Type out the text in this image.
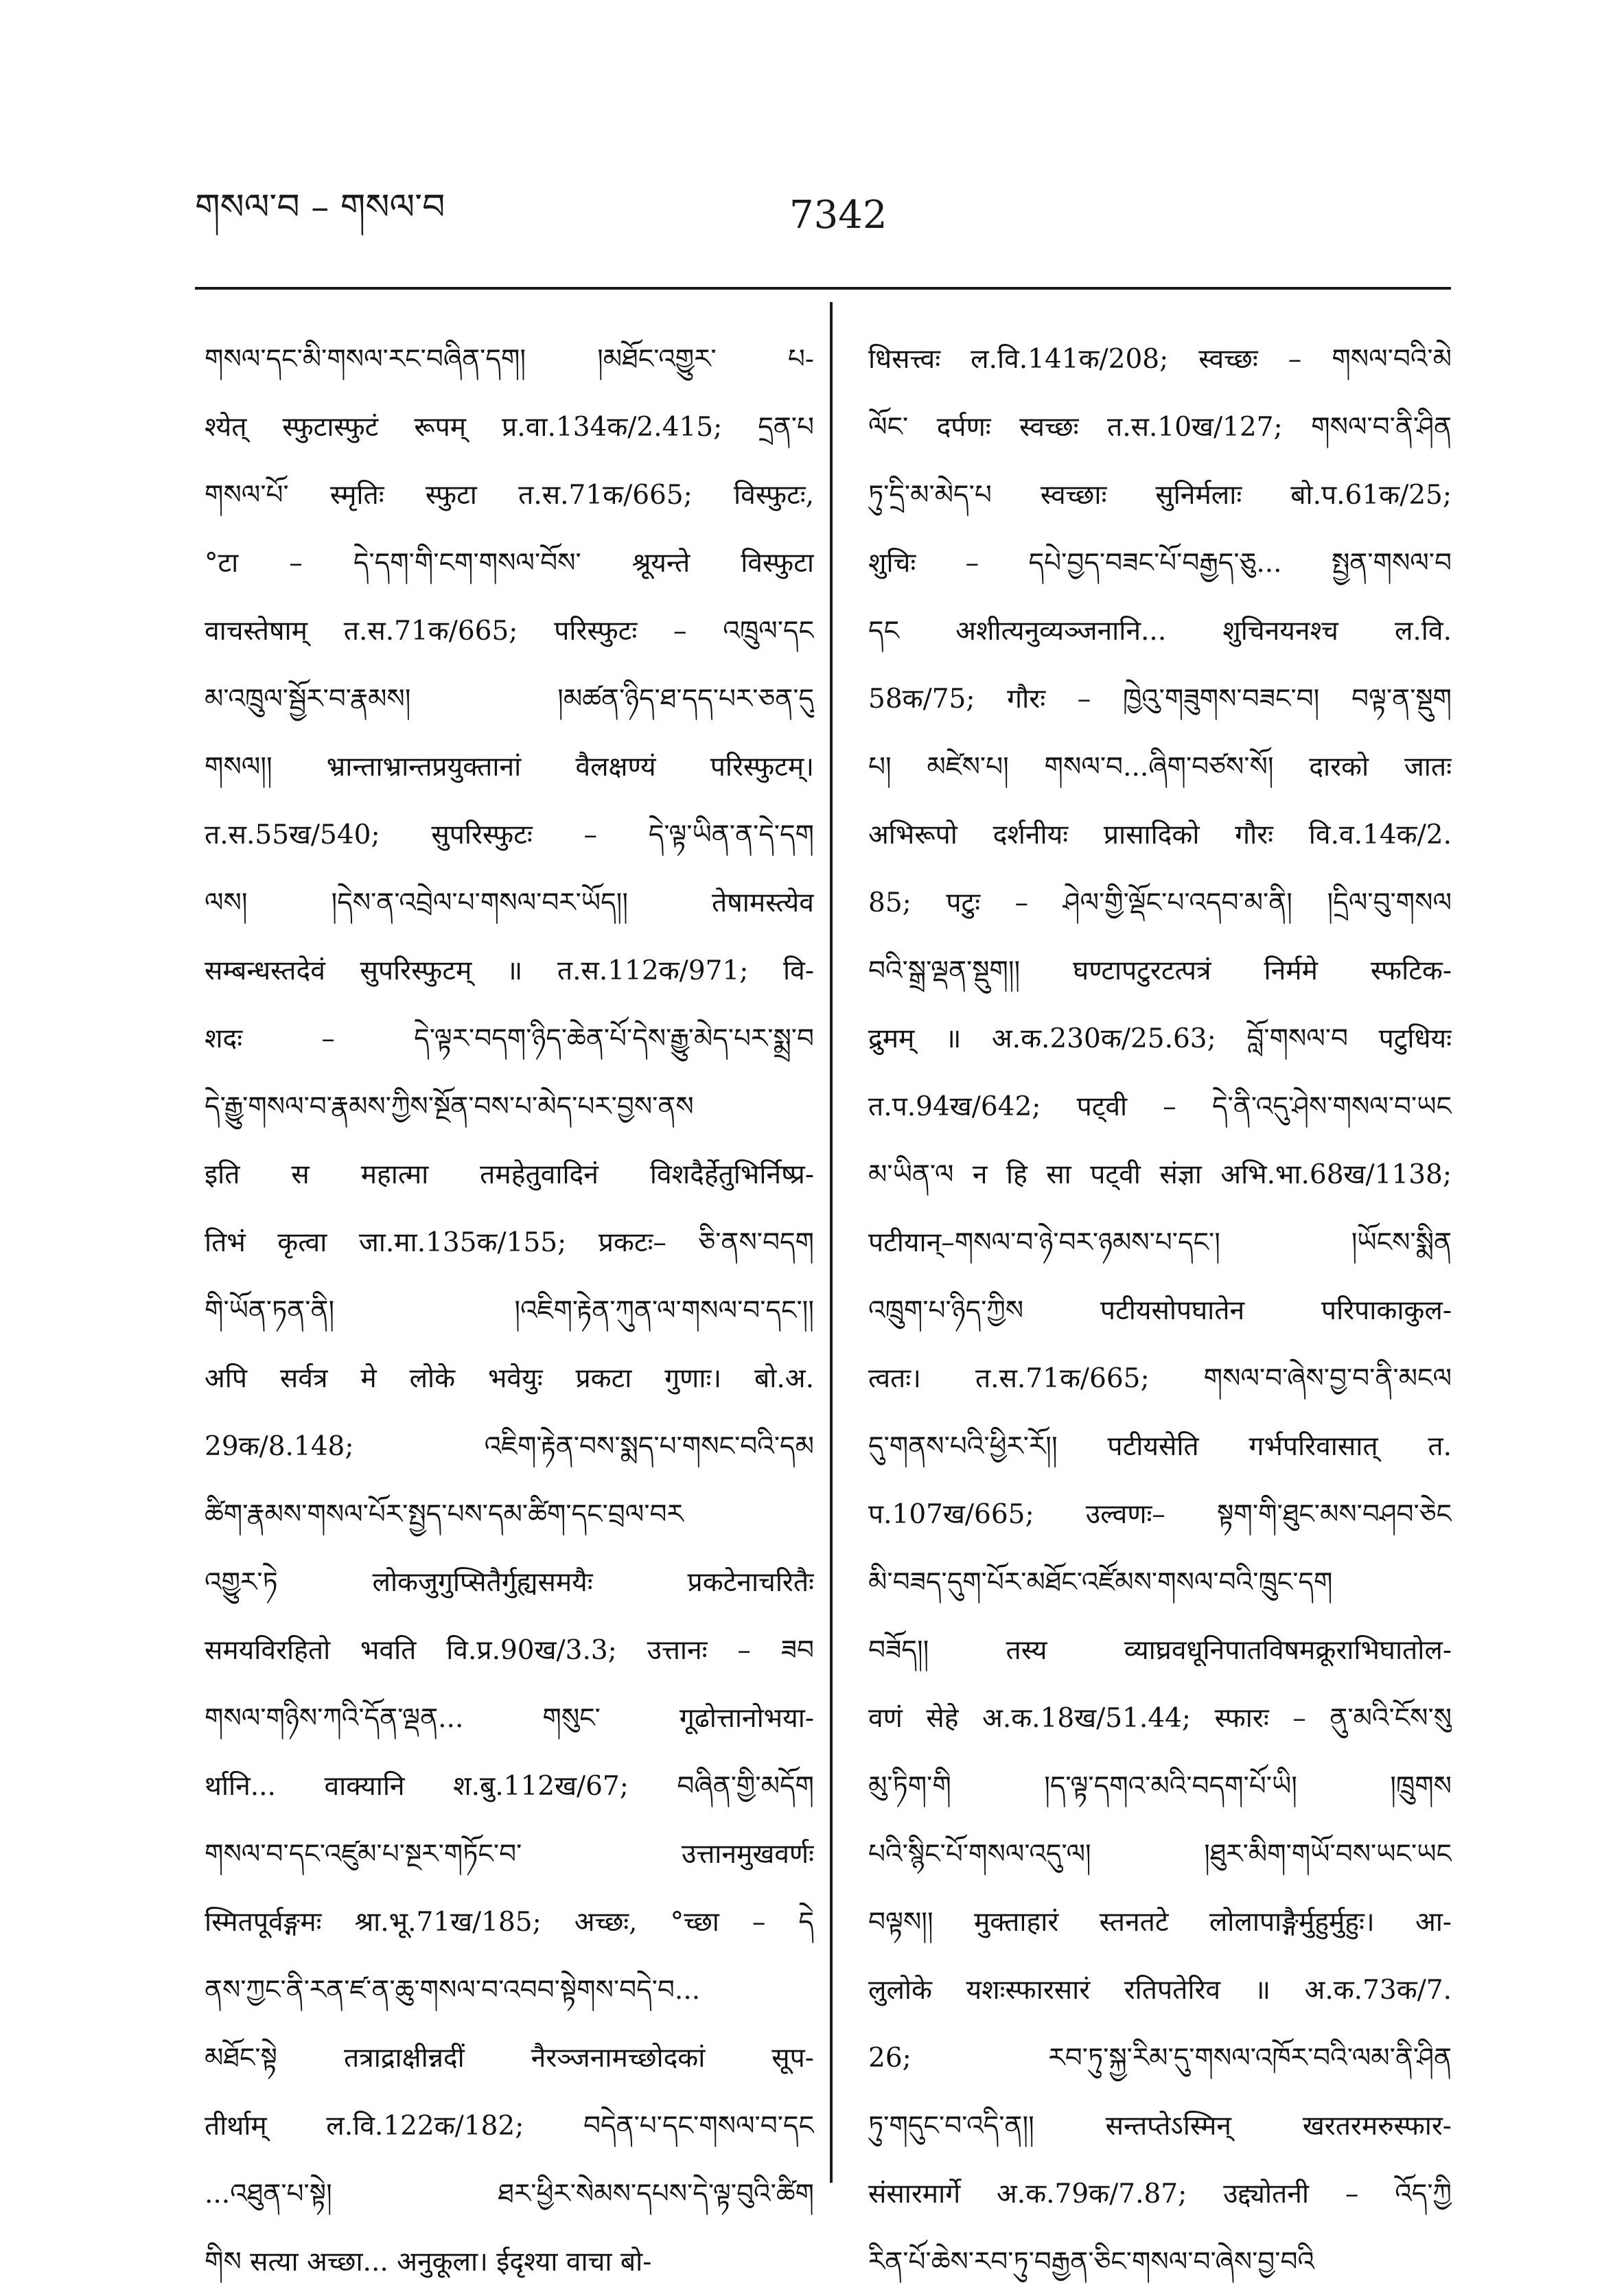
གསལ་བ – གསལ་བ	7342
གསལ་དང་མི་གསལ་རང་བཞིན་དག། །མཐོང་འགྱུར་ པ-
श्येत् स्फुटास्फुटं रूपम् प्र.वा.134क/2.415; དྲན་པ
གསལ་པོ་ स्मृतिः स्फुटा त.स.71क/665; विस्फुटः,
°टा – དེ་དག་གི་ངག་གསལ་བོས་ श्रूयन्ते विस्फुटा
वाचस्तेषाम् त.स.71क/665; परिस्फुटः – འཁྲུལ་དང
མ་འཁྲུལ་སྦྱོར་བ་རྣམས། །མཚན་ཉིད་ཐ་དད་པར་ཅན་དུ
གསལ།། भ्रान्ताभ्रान्तप्रयुक्तानां वैलक्षण्यं परिस्फुटम्।
त.स.55ख/540; सुपरिस्फुटः – དེ་ལྟ་ཡིན་ན་དེ་དག
ལས། །དེས་ན་འབྲེལ་པ་གསལ་བར་ཡོད།། तेषामस्त्येव
सम्बन्धस्तदेवं सुपरिस्फुटम् ॥ त.स.112क/971; वि-
शदः – དེ་ལྟར་བདག་ཉིད་ཆེན་པོ་དེས་རྒྱུ་མེད་པར་སྨྲ་བ
དེ་རྒྱུ་གསལ་བ་རྣམས་ཀྱིས་སྔོན་བས་པ་མེད་པར་བྱས་ནས
इति स महात्मा तमहेतुवादिनं विशदैर्हेतुभिर्निष्प्र-
तिभं कृत्वा जा.मा.135क/155; प्रकटः– ཅི་ནས་བདག
གི་ཡོན་ཏན་ནི། །འཇིག་རྟེན་ཀུན་ལ་གསལ་བ་དང་།།
अपि सर्वत्र मे लोके भवेयुः प्रकटा गुणाः। बो.अ.
29क/8.148; འཇིག་རྟེན་བས་སྨད་པ་གསང་བའི་དམ
ཚིག་རྣམས་གསལ་པོར་སྤྱད་པས་དམ་ཚིག་དང་བྲལ་བར
འགྱུར་ཏེ लोकजुगुप्सितैर्गुह्यसमयैः प्रकटेनाचरितैः
समयविरहितो भवति वि.प्र.90ख/3.3; उत्तानः – ཟབ
གསལ་གཉིས་ཀའི་དོན་ལྡན... གསུང་ गूढोत्तानोभया-
र्थानि... वाक्यानि श.बु.112ख/67; བཞིན་གྱི་མདོག
གསལ་བ་དང་འཛུམ་པ་སྔར་གཏོང་བ་ उत्तानमुखवर्णः
स्मितपूर्वङ्गमः श्रा.भू.71ख/185; अच्छः, °च्छा – དེ
ནས་ཀྱང་ནི་རན་ཛ་ན་ཆུ་གསལ་བ་འབབ་སྟེགས་བདེ་བ...
མཐོང་སྟེ तत्राद्राक्षीन्नदीं नैरञ्जनामच्छोदकां सूप-
तीर्थाम् ल.वि.122क/182; བདེན་པ་དང་གསལ་བ་དང
...འཐུན་པ་སྟེ། ཐར་ཕྱིར་སེམས་དཔས་དེ་ལྟ་བུའི་ཚིག
གིས सत्या अच्छा... अनुकूला। ईदृश्या वाचा बो-
धिसत्त्वः ल.वि.141क/208; स्वच्छः – གསལ་བའི་མེ
ལོང་ दर्पणः स्वच्छः त.स.10ख/127; གསལ་བ་ནི་ཤིན
ཏུ་དྲི་མ་མེད་པ स्वच्छाः सुनिर्मलाः बो.प.61क/25;
शुचिः – དཔེ་བྱད་བཟང་པོ་བརྒྱད་ཅུ... སྤྱན་གསལ་བ
དང अशीत्यनुव्यञ्जनानि... शुचिनयनश्च ल.वि.
58क/75; गौरः – ཁྱེའུ་གཟུགས་བཟང་བ། བལྟ་ན་སྡུག
པ། མཛེས་པ། གསལ་བ...ཞིག་བཙས་སོ། दारको जातः
अभिरूपो दर्शनीयः प्रासादिको गौरः वि.व.14क/2.
85; पटुः – ཤེལ་གྱི་ལྡོང་པ་འདབ་མ་ནི། །དྲིལ་བུ་གསལ
བའི་སྒྲ་ལྡན་སྡུག།། घण्टापटुरटत्पत्रं निर्ममे स्फटिक-
द्रुमम् ॥ अ.क.230क/25.63; བློ་གསལ་བ पटुधियः
त.प.94ख/642; पट्वी – དེ་ནི་འདུ་ཤེས་གསལ་བ་ཡང
མ་ཡིན་ལ न हि सा पट्वी संज्ञा अभि.भा.68ख/1138;
पटीयान्–གསལ་བ་ཉེ་བར་ཉམས་པ་དང་། །ཡོངས་སྨིན
འཁྲུག་པ་ཉིད་ཀྱིས पटीयसोपघातेन परिपाकाकुल-
त्वतः। त.स.71क/665; གསལ་བ་ཞེས་བྱ་བ་ནི་མངལ
དུ་གནས་པའི་ཕྱིར་རོ།། पटीयसेति गर्भपरिवासात् त.
प.107ख/665; उल्वणः– སྟག་གི་ཐུང་མས་བཤབ་ཅེང
མི་བཟད་དུག་པོར་མཐོང་འཛོམས་གསལ་བའི་ཁྲུང་དག
བཟོད།། तस्य व्याघ्रवधूनिपातविषमक्रूराभिघातोल-
वणं सेहे अ.क.18ख/51.44; स्फारः – ནུ་མའི་ངོས་སུ
མུ་ཏིག་གི །ད་ལྟ་དགའ་མའི་བདག་པོ་ཡི། །ཁྲུགས
པའི་སྙིང་པོ་གསལ་འདུ་ལ། །ཐུར་མིག་གཡོ་བས་ཡང་ཡང
བལྟས།། मुक्ताहारं स्तनतटे लोलापाङ्गैर्मुहुर्मुहुः। आ-
लुलोके यशःस्फारसारं रतिपतेरिव ॥ अ.क.73क/7.
26; རབ་ཏུ་སྐྱ་རིམ་དུ་གསལ་འཁོར་བའི་ལམ་ནི་ཤིན
ཏུ་གདུང་བ་འདི་ན།། सन्तप्तेऽस्मिन् खरतरमरुस्फार-
संसारमार्गे अ.क.79क/7.87; उद्द्योतनी – འོད་ཀྱི
རིན་པོ་ཆེས་རབ་ཏུ་བརྒྱན་ཅིང་གསལ་བ་ཞེས་བྱ་བའི
